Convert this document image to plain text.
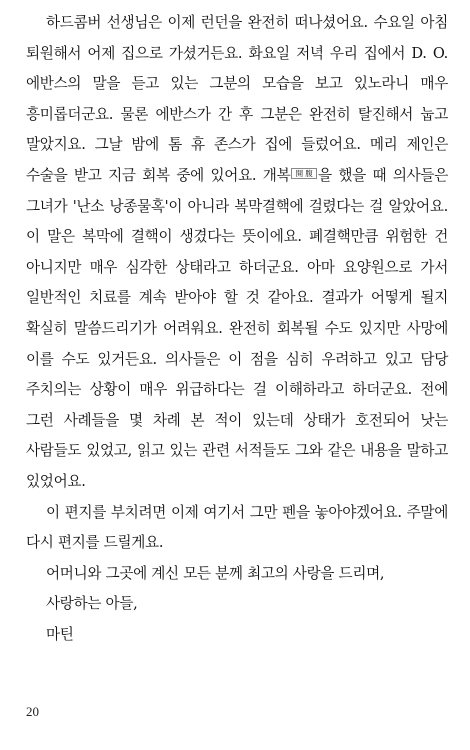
하드콤버 선생님은 이제 런던을 완전히 떠나셨어요. 수요일 아침 퇴원해서 어제 집으로 가셨거든요. 화요일 저녁 우리 집에서 D. O. 에반스의 말을 듣고 있는 그분의 모습을 보고 있노라니 매우 흥미롭더군요. 물론 에반스가 간 후 그분은 완전히 탈진해서 눕고 말았지요. 그날 밤에 톰 휴 존스가 집에 들렀어요. 메리 제인은 수술을 받고 지금 회복 중에 있어요. 개복 $^{開腹}$ 을 했을 때 의사들은 그녀가 '난소 낭종물혹'이 아니라 복막결핵에 걸렸다는 걸 알았어요. 이 말은 복막에 결핵이 생겼다는 뜻이에요. 폐결핵만큼 위험한 건 아니지만 매우 심각한 상태라고 하더군요. 아마 요양원으로 가서 일반적인 치료를 계속 받아야 할 것 같아요. 결과가 어떻게 될지 확실히 말씀드리기가 어려워요. 완전히 회복될 수도 있지만 사망에 이를 수도 있거든요. 의사들은 이 점을 심히 우려하고 있고 담당 주치의는 상황이 매우 위급하다는 걸 이해하라고 하더군요. 전에 그런 사례들을 몇 차례 본 적이 있는데 상태가 호전되어 낫는 사람들도 있었고, 읽고 있는 관련 서적들도 그와 같은 내용을 말하고 있었어요.

이 편지를 부치려면 이제 여기서 그만 펜을 놓아야겠어요. 주말에 다시 편지를 드릴게요.

어머니와 그곳에 계신 모든 분께 최고의 사랑을 드리며,

사랑하는 아들,

마틴

20
